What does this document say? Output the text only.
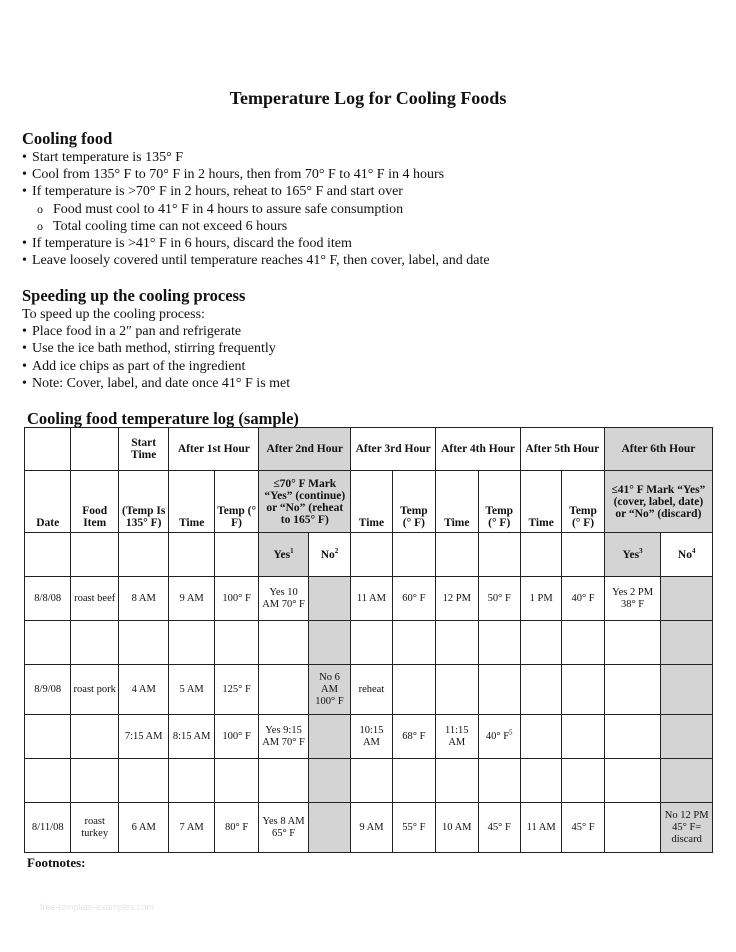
Temperature Log for Cooling Foods
Cooling food
• Start temperature is 135° F
• Cool from 135° F to 70° F in 2 hours, then from 70° F to 41° F in 4 hours
• If temperature is >70° F in 2 hours, reheat to 165° F and start over
o Food must cool to 41° F in 4 hours to assure safe consumption
o Total cooling time can not exceed 6 hours
• If temperature is >41° F in 6 hours, discard the food item
• Leave loosely covered until temperature reaches 41° F, then cover, label, and date
Speeding up the cooling process
To speed up the cooling process:
• Place food in a 2″ pan and refrigerate
• Use the ice bath method, stirring frequently
• Add ice chips as part of the ingredient
• Note: Cover, label, and date once 41° F is met
Cooling food temperature log (sample)
		Start Time	After 1st Hour		After 2nd Hour		After 3rd Hour		After 4th Hour		After 5th Hour		After 6th Hour	
Date	Food Item	(Temp Is 135° F)	Time	Temp (° F)	≤70° F Mark “Yes” (continue) or “No” (reheat to 165° F)		Time	Temp (° F)	Time	Temp (° F)	Time	Temp (° F)	≤41° F Mark “Yes” (cover, label, date) or “No” (discard)	
					Yes$^1$	No$^2$							Yes$^3$	No$^4$
8/8/08	roast beef	8 AM	9 AM	100° F	Yes 10 AM 70° F		11 AM	60° F	12 PM	50° F	1 PM	40° F	Yes 2 PM 38° F	

8/9/08	roast pork	4 AM	5 AM	125° F		No 6 AM 100° F	reheat							
		7:15 AM	8:15 AM	100° F	Yes 9:15 AM 70° F		10:15 AM	68° F	11:15 AM	40° $F^5$				

8/11/08	roast turkey	6 AM	7 AM	80° F	Yes 8 AM 65° F		9 AM	55° F	10 AM	45° F	11 AM	45° F		No 12 PM 45° F= discard
Footnotes:
free-template-examples.com
